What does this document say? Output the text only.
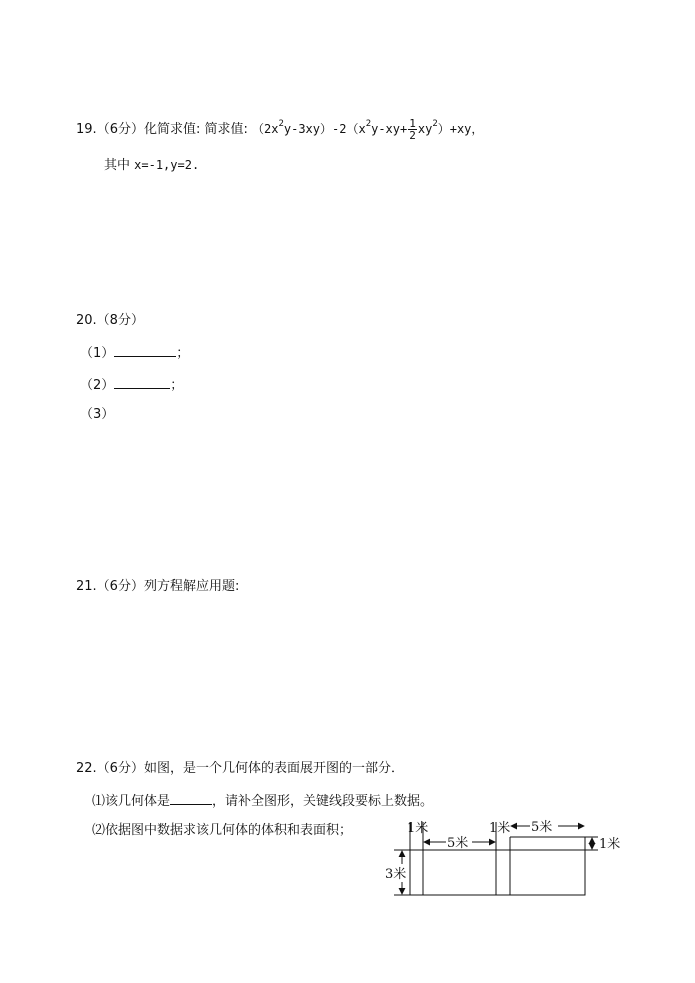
19.（6分）化简求值: 简求值: $(2x^2y-3xy)-2(x^2y-xy+ \frac{1}{2} xy^2)+xy$，
其中 x=-1,y=2.
20.（8分）
（1）	；
（2）	；
（3）
21.（6分）列方程解应用题:
22.（6分）如图，是一个几何体的表面展开图的一部分．
⑴该几何体是	，请补全图形，关键线段要标上数据。
⑵依据图中数据求该几何体的体积和表面积；	1米
5米
1米 5米
1米
3米
